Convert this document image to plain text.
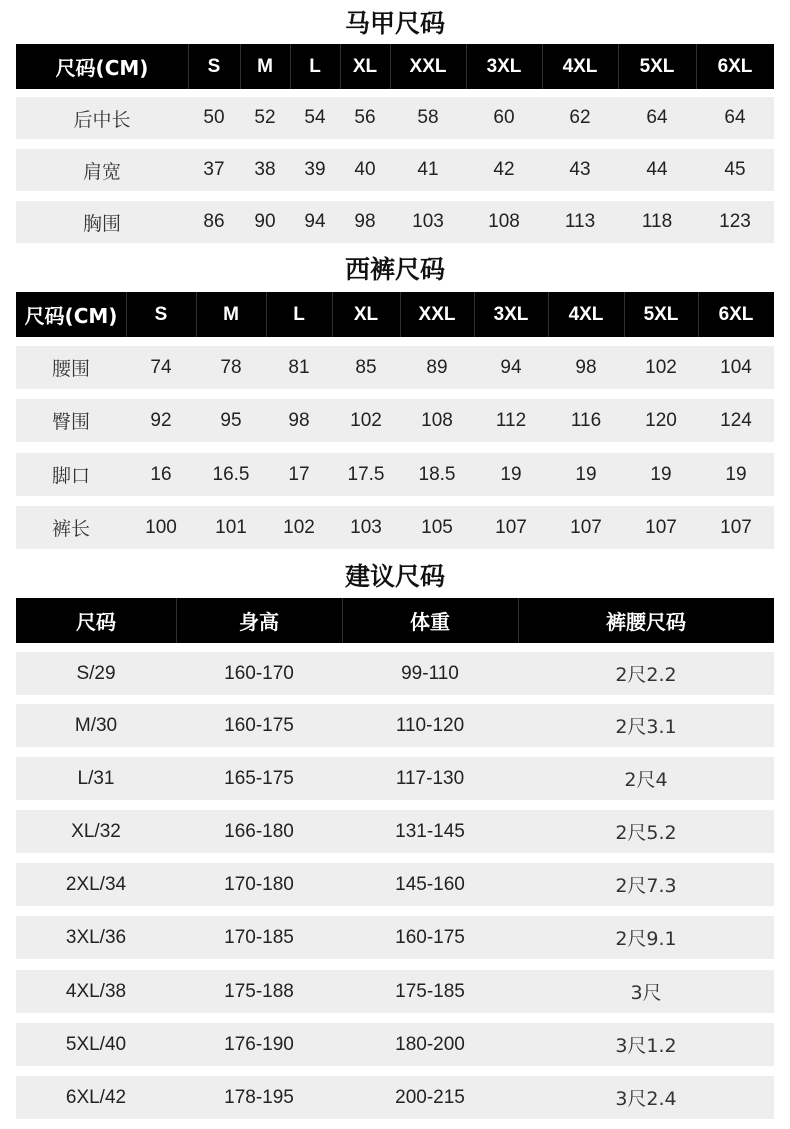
马甲尺码
尺码(CM)	S	M	L	XL	XXL	3XL	4XL	5XL	6XL
后中长	50	52	54	56	58	60	62	64	64
肩宽	37	38	39	40	41	42	43	44	45
胸围	86	90	94	98	103	108	113	118	123
西裤尺码
尺码(CM)	S	M	L	XL	XXL	3XL	4XL	5XL	6XL
腰围	74	78	81	85	89	94	98	102	104
臀围	92	95	98	102	108	112	116	120	124
脚口	16	16.5	17	17.5	18.5	19	19	19	19
裤长	100	101	102	103	105	107	107	107	107
建议尺码
尺码	身高	体重	裤腰尺码
S/29	160-170	99-110	2尺2.2
M/30	160-175	110-120	2尺3.1
L/31	165-175	117-130	2尺4
XL/32	166-180	131-145	2尺5.2
2XL/34	170-180	145-160	2尺7.3
3XL/36	170-185	160-175	2尺9.1
4XL/38	175-188	175-185	3尺
5XL/40	176-190	180-200	3尺1.2
6XL/42	178-195	200-215	3尺2.4
